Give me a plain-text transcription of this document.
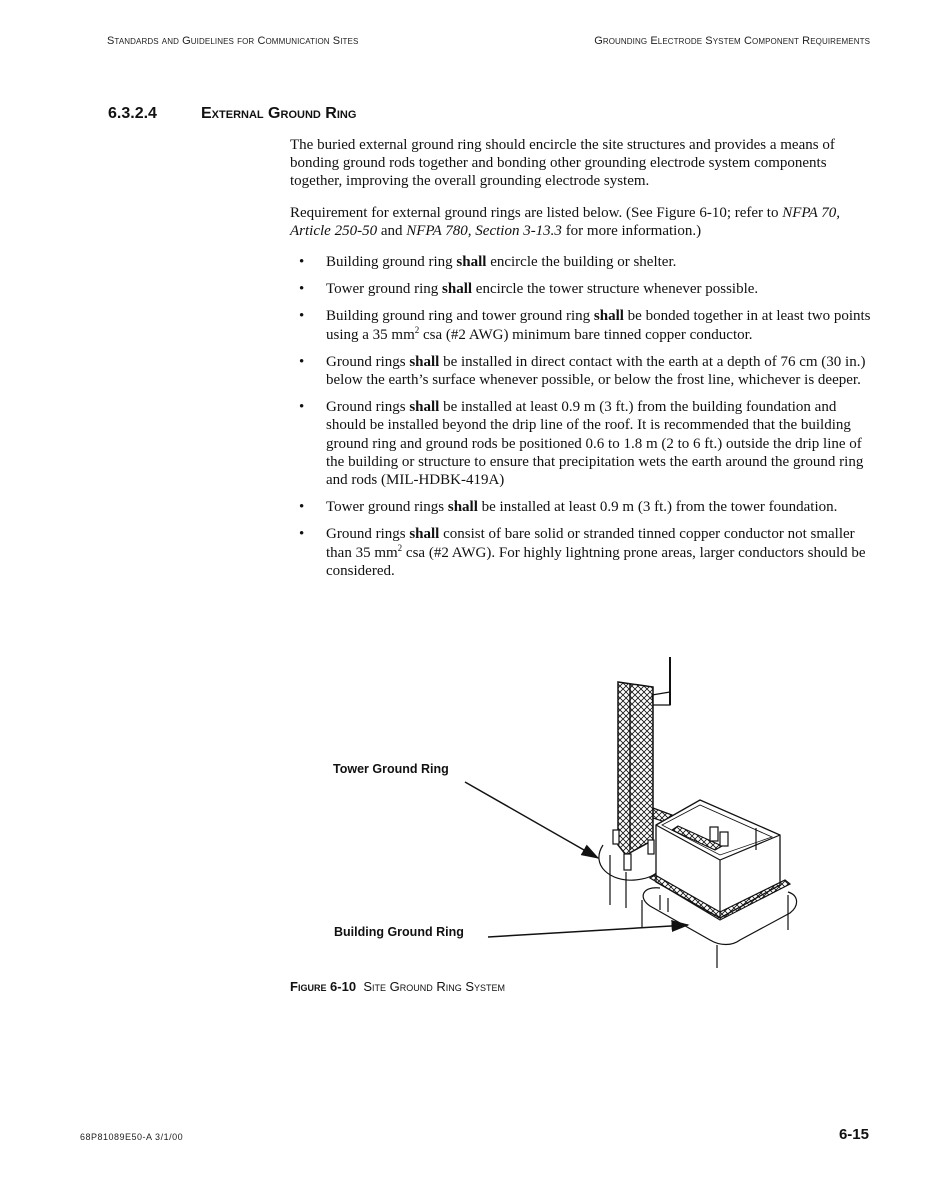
Standards and Guidelines for Communication Sites	Grounding Electrode System Component Requirements
6.3.2.4	External Ground Ring
The buried external ground ring should encircle the site structures and provides a means of bonding ground rods together and bonding other grounding electrode system components together, improving the overall grounding electrode system.
Requirement for external ground rings are listed below. (See Figure 6-10; refer to NFPA 70, Article 250-50 and NFPA 780, Section 3-13.3 for more information.)
• Building ground ring shall encircle the building or shelter.
• Tower ground ring shall encircle the tower structure whenever possible.
• Building ground ring and tower ground ring shall be bonded together in at least two points using a 35 $mm^2$ csa (#2 AWG) minimum bare tinned copper conductor.
• Ground rings shall be installed in direct contact with the earth at a depth of 76 cm (30 in.) below the earth’s surface whenever possible, or below the frost line, whichever is deeper.
• Ground rings shall be installed at least 0.9 m (3 ft.) from the building foundation and should be installed beyond the drip line of the roof. It is recommended that the building ground ring and ground rods be positioned 0.6 to 1.8 m (2 to 6 ft.) outside the drip line of the building or structure to ensure that precipitation wets the earth around the ground ring and rods (MIL-HDBK-419A)
• Tower ground rings shall be installed at least 0.9 m (3 ft.) from the tower foundation.
• Ground rings shall consist of bare solid or stranded tinned copper conductor not smaller than 35 $mm^2$ csa (#2 AWG). For highly lightning prone areas, larger conductors should be considered.
Tower Ground Ring
Building Ground Ring
Figure 6-10 Site Ground Ring System
68P81089E50-A 3/1/00	6-15
